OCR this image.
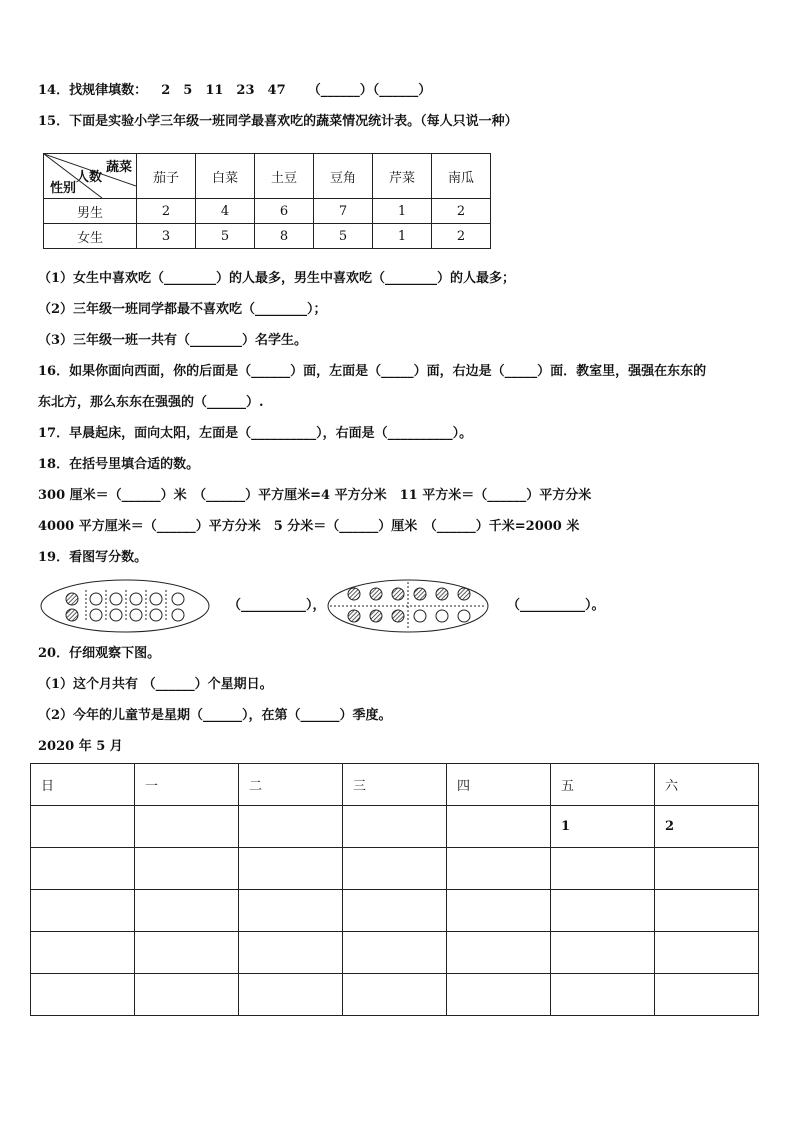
14．找规律填数： 2　5　11　23　47 （______）（______）
15．下面是实验小学三年级一班同学最喜欢吃的蔬菜情况统计表。（每人只说一种）
蔬菜
人数
性别	茄子	白菜	土豆	豆角	芹菜	南瓜
男生	2	4	6	7	1	2
女生	3	5	8	5	1	2
（1）女生中喜欢吃（________）的人最多，男生中喜欢吃（________）的人最多；
（2）三年级一班同学都最不喜欢吃（________）；
（3）三年级一班一共有（________）名学生。
16．如果你面向西面，你的后面是（______）面，左面是（_____）面，右边是（_____）面．教室里，强强在东东的
东北方，那么东东在强强的（______）.
17．早晨起床，面向太阳，左面是（__________），右面是（__________）。
18．在括号里填合适的数。
300 厘米＝（______）米　（______）平方厘米=4 平方分米　11 平方米＝（______）平方分米
4000 平方厘米＝（______）平方分米　5 分米＝（______）厘米　（______）千米=2000 米
19．看图写分数。
（__________），	（__________）。
20．仔细观察下图。
（1）这个月共有 （______）个星期日。
（2）今年的儿童节是星期（______），在第（______）季度。
2020 年 5 月
日	一	二	三	四	五	六
					1	2
